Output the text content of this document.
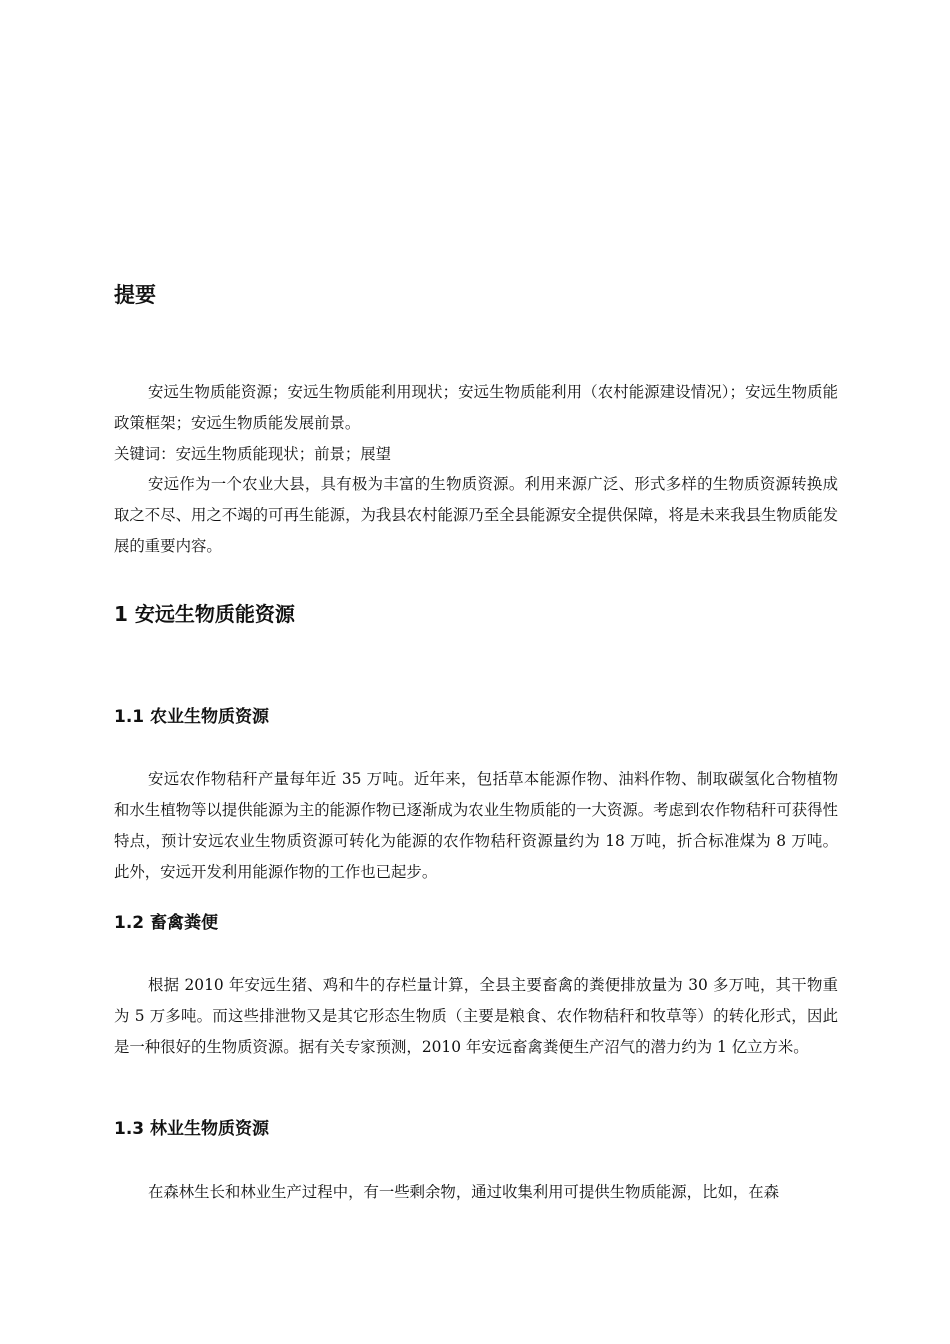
提要
安远生物质能资源；安远生物质能利用现状；安远生物质能利用（农村能源建设情况）；安远生物质能政策框架；安远生物质能发展前景。
关键词：安远生物质能现状；前景；展望
安远作为一个农业大县，具有极为丰富的生物质资源。利用来源广泛、形式多样的生物质资源转换成取之不尽、用之不竭的可再生能源，为我县农村能源乃至全县能源安全提供保障，将是未来我县生物质能发展的重要内容。
1 安远生物质能资源
1.1 农业生物质资源
安远农作物秸秆产量每年近 35 万吨。近年来，包括草本能源作物、油料作物、制取碳氢化合物植物和水生植物等以提供能源为主的能源作物已逐渐成为农业生物质能的一大资源。考虑到农作物秸秆可获得性特点，预计安远农业生物质资源可转化为能源的农作物秸秆资源量约为 18 万吨，折合标准煤为 8 万吨。此外，安远开发利用能源作物的工作也已起步。
1.2 畜禽粪便
根据 2010 年安远生猪、鸡和牛的存栏量计算，全县主要畜禽的粪便排放量为 30 多万吨，其干物重为 5 万多吨。而这些排泄物又是其它形态生物质（主要是粮食、农作物秸秆和牧草等）的转化形式，因此是一种很好的生物质资源。据有关专家预测，2010 年安远畜禽粪便生产沼气的潜力约为 1 亿立方米。
1.3 林业生物质资源
在森林生长和林业生产过程中，有一些剩余物，通过收集利用可提供生物质能源，比如，在森
